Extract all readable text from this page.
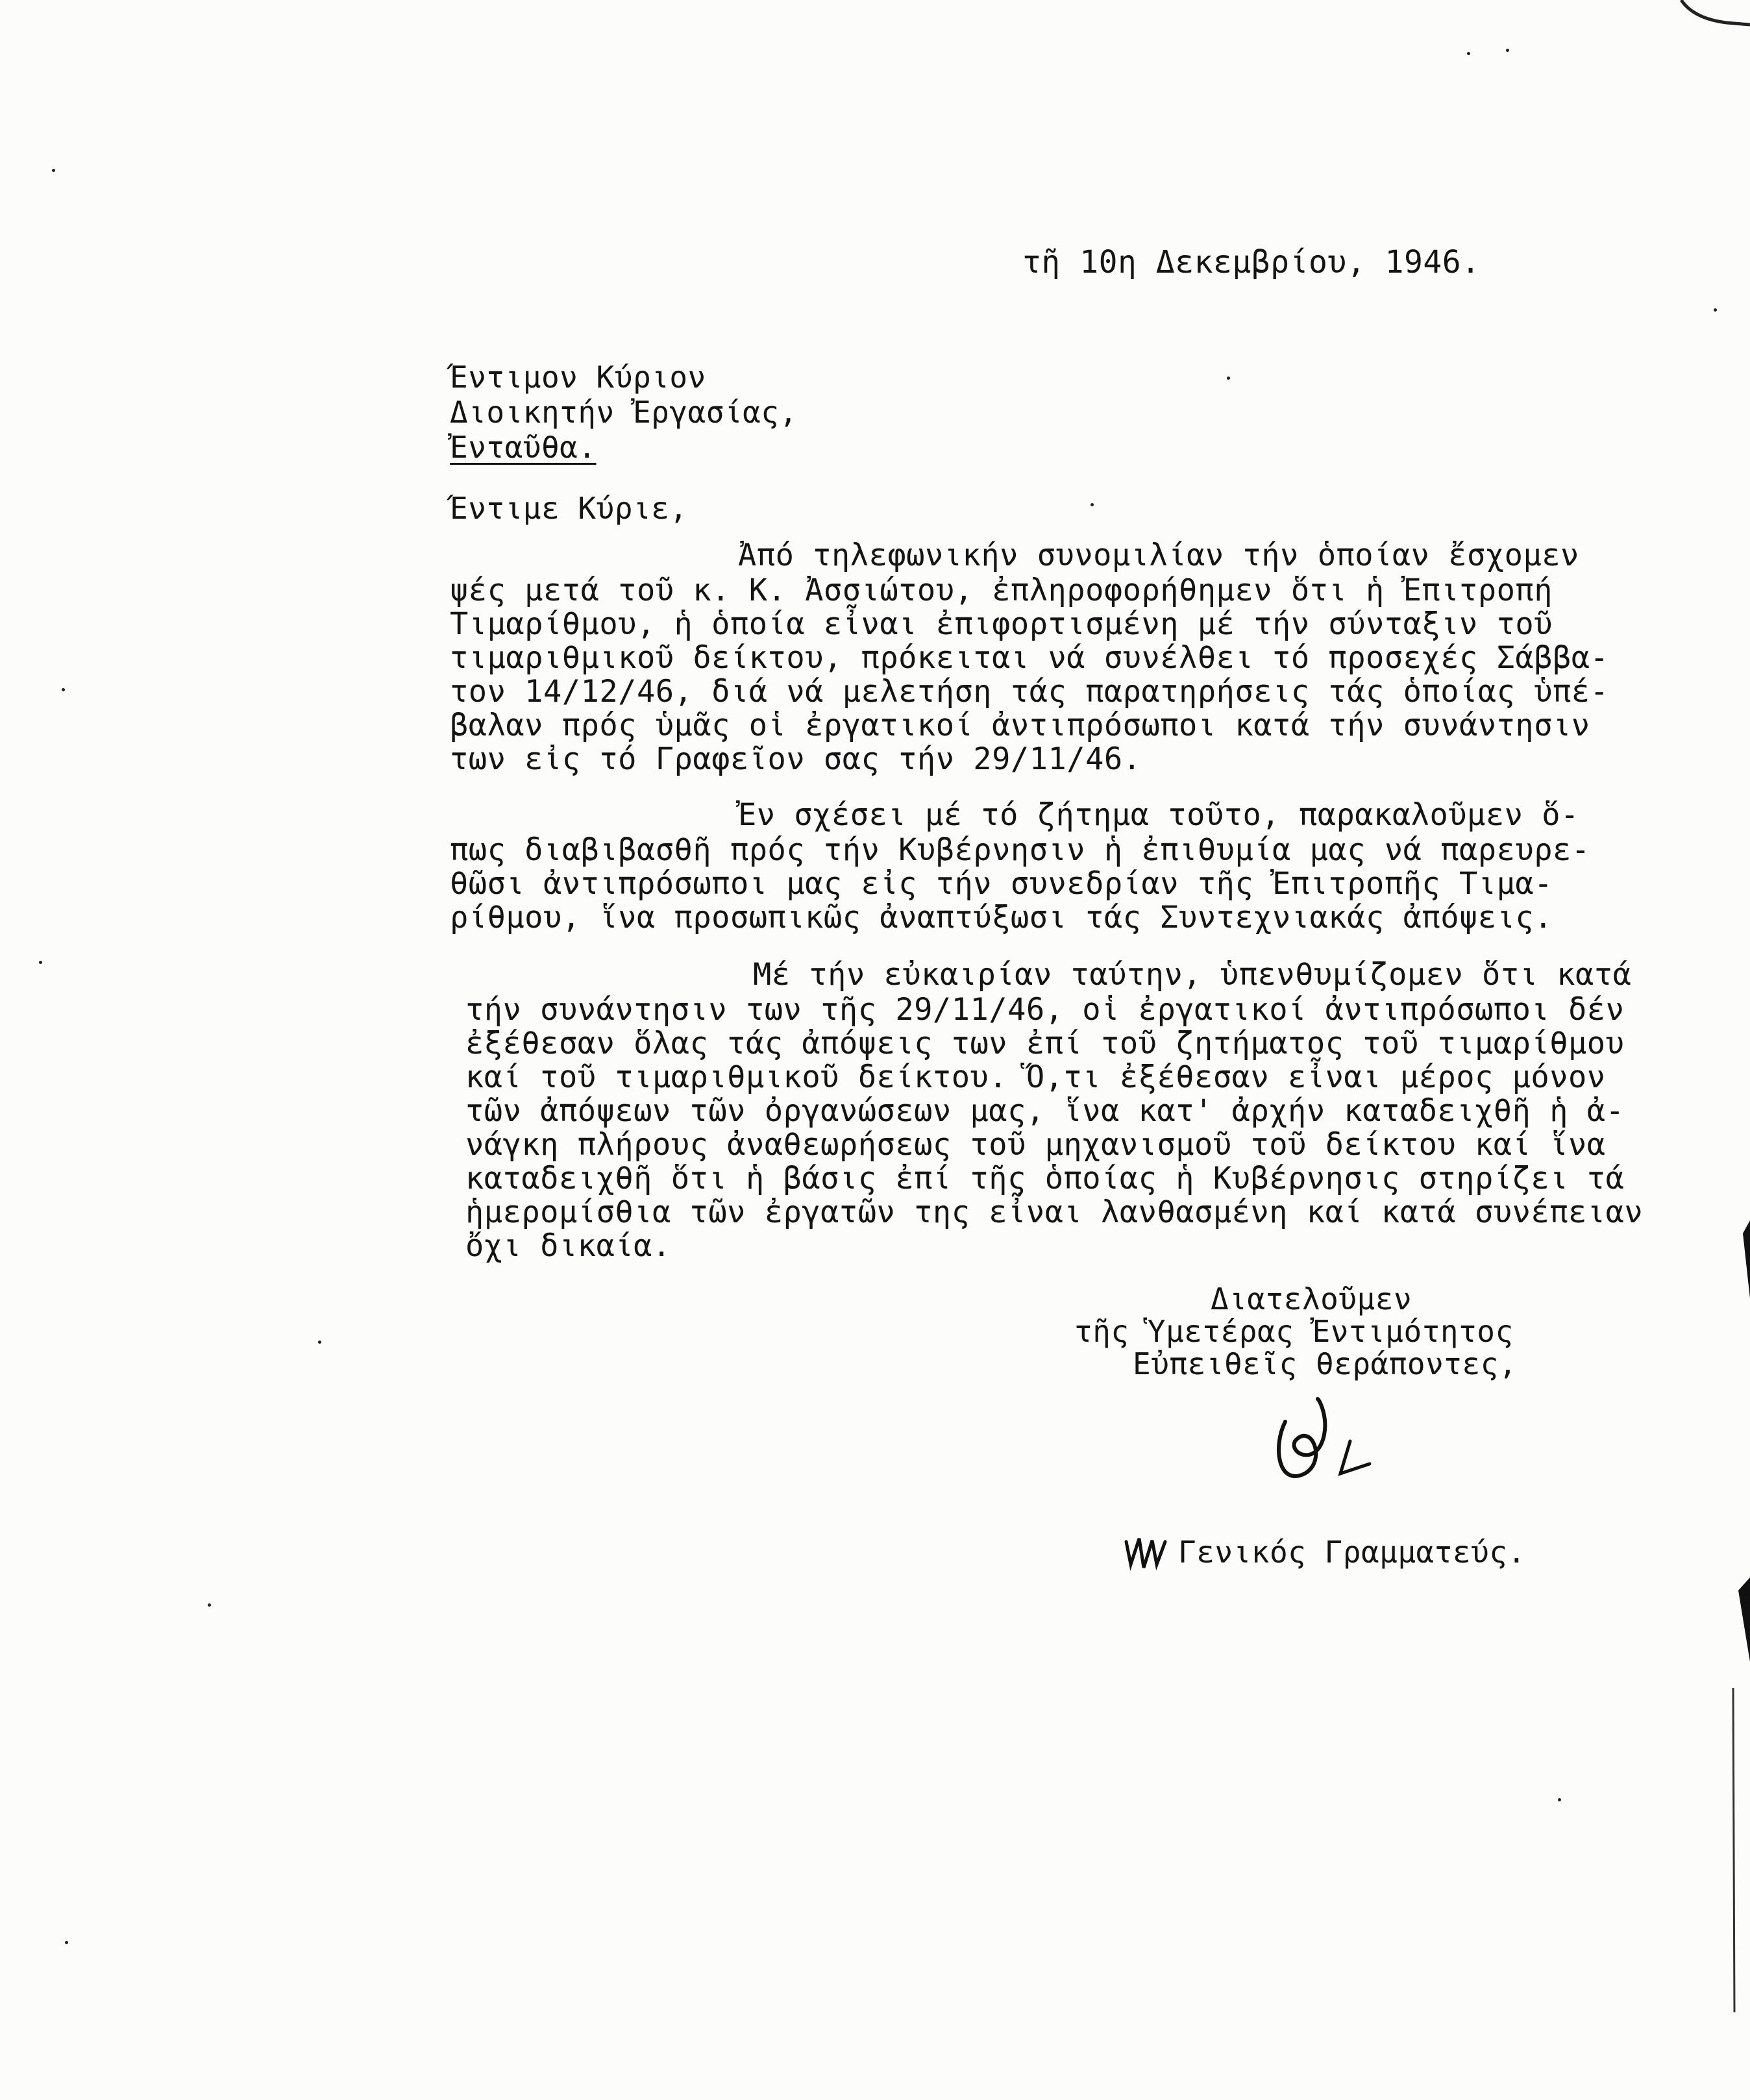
τῆ 10η Δεκεμβρίου, 1946.
Έντιμον Κύριον
Διοικητήν Ἐργασίας,
Ἐνταῦθα.
Έντιμε Κύριε,
Ἀπό τηλεφωνικήν συνομιλίαν τήν ὁποίαν ἔσχομεν
ψές μετά τοῦ κ. Κ. Ἀσσιώτου, ἐπληροφορήθημεν ὅτι ἡ Ἐπιτροπή
Τιμαρίθμου, ἡ ὁποία εἶναι ἐπιφορτισμένη μέ τήν σύνταξιν τοῦ
τιμαριθμικοῦ δείκτου, πρόκειται νά συνέλθει τό προσεχές Σάββα-
τον 14/12/46, διά νά μελετήση τάς παρατηρήσεις τάς ὁποίας ὑπέ-
βαλαν πρός ὑμᾶς οἱ ἐργατικοί ἀντιπρόσωποι κατά τήν συνάντησιν
των εἰς τό Γραφεῖον σας τήν 29/11/46.
Ἐν σχέσει μέ τό ζήτημα τοῦτο, παρακαλοῦμεν ὅ-
πως διαβιβασθῆ πρός τήν Κυβέρνησιν ἡ ἐπιθυμία μας νά παρευρε-
θῶσι ἀντιπρόσωποι μας εἰς τήν συνεδρίαν τῆς Ἐπιτροπῆς Τιμα-
ρίθμου, ἵνα προσωπικῶς ἀναπτύξωσι τάς Συντεχνιακάς ἀπόψεις.
Μέ τήν εὐκαιρίαν ταύτην, ὑπενθυμίζομεν ὅτι κατά
τήν συνάντησιν των τῆς 29/11/46, οἱ ἐργατικοί ἀντιπρόσωποι δέν
ἐξέθεσαν ὅλας τάς ἀπόψεις των ἐπί τοῦ ζητήματος τοῦ τιμαρίθμου
καί τοῦ τιμαριθμικοῦ δείκτου. Ὅ,τι ἐξέθεσαν εἶναι μέρος μόνον
τῶν ἀπόψεων τῶν ὀργανώσεων μας, ἵνα κατ' ἀρχήν καταδειχθῆ ἡ ἀ-
νάγκη πλήρους ἀναθεωρήσεως τοῦ μηχανισμοῦ τοῦ δείκτου καί ἵνα
καταδειχθῆ ὅτι ἡ βάσις ἐπί τῆς ὁποίας ἡ Κυβέρνησις στηρίζει τά
ἡμερομίσθια τῶν ἐργατῶν της εἶναι λανθασμένη καί κατά συνέπειαν
ὄχι δικαία.
Διατελοῦμεν
τῆς Ὑμετέρας Ἐντιμότητος
Εὐπειθεῖς θεράποντες,
Γενικός Γραμματεύς.
